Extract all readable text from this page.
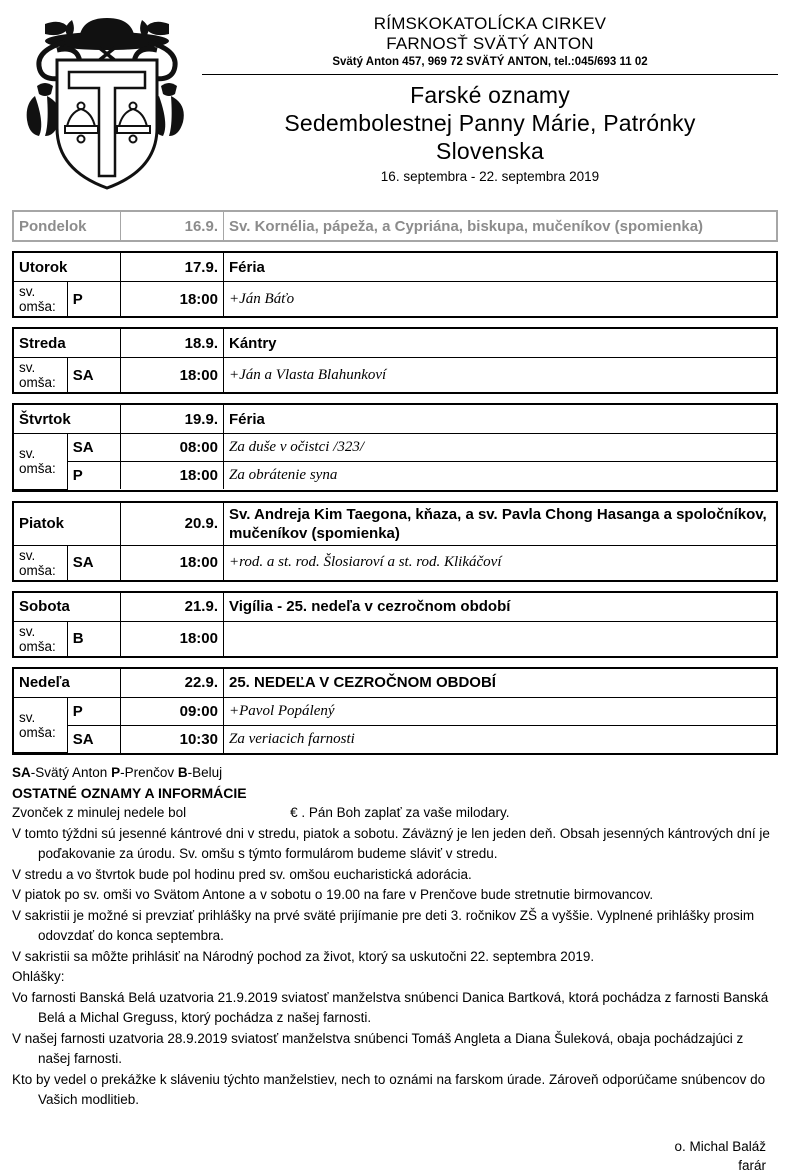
RÍMSKOKATOLÍCKA CIRKEV
FARNOSŤ SVÄTÝ ANTON
Svätý Anton 457, 969 72 SVÄTÝ ANTON, tel.:045/693 11 02
Farské oznamy
Sedembolestnej Panny Márie, Patrónky
Slovenska
16. septembra - 22. septembra 2019
Pondelok	16.9.	Sv. Kornélia, pápeža, a Cypriána, biskupa, mučeníkov (spomienka)
Utorok		17.9.	Féria
sv. omša:	P	18:00	+Ján Báťo
Streda		18.9.	Kántry
sv. omša:	SA	18:00	+Ján a Vlasta Blahunkoví
Štvrtok		19.9.	Féria
sv. omša:	SA	08:00	Za duše v očistci /323/
	P	18:00	Za obrátenie syna
Piatok		20.9.	Sv. Andreja Kim Taegona, kňaza, a sv. Pavla Chong Hasanga a spoločníkov, mučeníkov (spomienka)
sv. omša:	SA	18:00	+rod. a st. rod. Šlosiaroví a st. rod. Klikáčoví
Sobota		21.9.	Vigília - 25. nedeľa v cezročnom období
sv. omša:	B	18:00	
Nedeľa		22.9.	25. NEDEĽA V CEZROČNOM OBDOBÍ
sv. omša:	P	09:00	+Pavol Popálený
	SA	10:30	Za veriacich farnosti
SA-Svätý Anton P-Prenčov B-Beluj
OSTATNÉ OZNAMY A INFORMÁCIE

Zvonček z minulej nedele bol	€ . Pán Boh zaplať za vaše milodary.

V tomto týždni sú jesenné kántrové dni v stredu, piatok a sobotu. Záväzný je len jeden deň. Obsah jesenných kántrových dní je poďakovanie za úrodu. Sv. omšu s týmto formulárom budeme sláviť v stredu.

V stredu a vo štvrtok bude pol hodinu pred sv. omšou eucharistická adorácia.

V piatok po sv. omši vo Svätom Antone a v sobotu o 19.00 na fare v Prenčove bude stretnutie birmovancov.

V sakristii je možné si prevziať prihlášky na prvé sväté prijímanie pre deti 3. ročnikov ZŠ a vyššie. Vyplnené prihlášky prosim odovzdať do konca septembra.

V sakristii sa môžte prihlásiť na Národný pochod za život, ktorý sa uskutočni 22. septembra 2019.

Ohlášky:

Vo farnosti Banská Belá uzatvoria 21.9.2019 sviatosť manželstva snúbenci Danica Bartková, ktorá pochádza z farnosti Banská Belá a Michal Greguss, ktorý pochádza z našej farnosti.

V našej farnosti uzatvoria 28.9.2019 sviatosť manželstva snúbenci Tomáš Angleta a Diana Šuleková, obaja pochádzajúci z našej farnosti.

Kto by vedel o prekážke k sláveniu týchto manželstiev, nech to oznámi na farskom úrade. Zároveň odporúčame snúbencov do Vašich modlitieb.

o. Michal Baláž
farár
